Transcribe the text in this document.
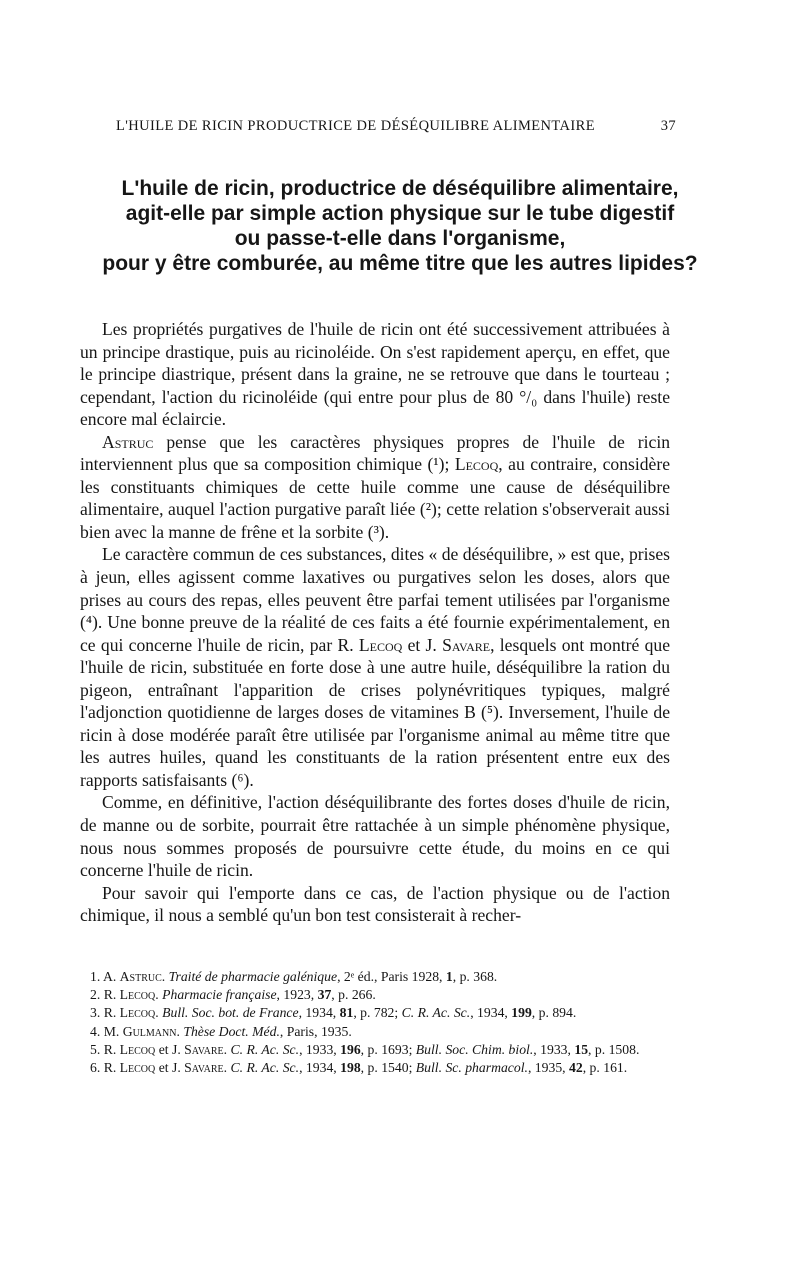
L'HUILE DE RICIN PRODUCTRICE DE DÉSÉQUILIBRE ALIMENTAIRE	37
L'huile de ricin, productrice de déséquilibre alimentaire,
agit-elle par simple action physique sur le tube digestif
ou passe-t-elle dans l'organisme,
pour y être comburée, au même titre que les autres lipides?

Les propriétés purgatives de l'huile de ricin ont été successivement attribuées à un principe drastique, puis au ricinoléide. On s'est rapidement aperçu, en effet, que le principe diastrique, présent dans la graine, ne se retrouve que dans le tourteau ; cependant, l'action du ricinoléide (qui entre pour plus de 80 °/₀ dans l'huile) reste encore mal éclaircie.

Astruc pense que les caractères physiques propres de l'huile de ricin interviennent plus que sa composition chimique (¹); Lecoq, au contraire, considère les constituants chimiques de cette huile comme une cause de déséquilibre alimentaire, auquel l'action purgative paraît liée (²); cette relation s'observerait aussi bien avec la manne de frêne et la sorbite (³).

Le caractère commun de ces substances, dites « de déséquilibre, » est que, prises à jeun, elles agissent comme laxatives ou purgatives selon les doses, alors que prises au cours des repas, elles peuvent être parfai tement utilisées par l'organisme (⁴). Une bonne preuve de la réalité de ces faits a été fournie expérimentalement, en ce qui concerne l'huile de ricin, par R. Lecoq et J. Savare, lesquels ont montré que l'huile de ricin, substituée en forte dose à une autre huile, déséquilibre la ration du pigeon, entraînant l'apparition de crises polynévritiques typiques, malgré l'adjonction quotidienne de larges doses de vitamines B (⁵). Inversement, l'huile de ricin à dose modérée paraît être utilisée par l'organisme animal au même titre que les autres huiles, quand les constituants de la ration présentent entre eux des rapports satisfaisants (⁶).

Comme, en définitive, l'action déséquilibrante des fortes doses d'huile de ricin, de manne ou de sorbite, pourrait être rattachée à un simple phénomène physique, nous nous sommes proposés de poursuivre cette étude, du moins en ce qui concerne l'huile de ricin.

Pour savoir qui l'emporte dans ce cas, de l'action physique ou de l'action chimique, il nous a semblé qu'un bon test consisterait à recher-

1. A. Astruc. Traité de pharmacie galénique, 2ᵉ éd., Paris 1928, 1, p. 368.
2. R. Lecoq. Pharmacie française, 1923, 37, p. 266.
3. R. Lecoq. Bull. Soc. bot. de France, 1934, 81, p. 782; C. R. Ac. Sc., 1934, 199, p. 894.
4. M. Gulmann. Thèse Doct. Méd., Paris, 1935.
5. R. Lecoq et J. Savare. C. R. Ac. Sc., 1933, 196, p. 1693; Bull. Soc. Chim. biol., 1933, 15, p. 1508.
6. R. Lecoq et J. Savare. C. R. Ac. Sc., 1934, 198, p. 1540; Bull. Sc. pharmacol., 1935, 42, p. 161.
